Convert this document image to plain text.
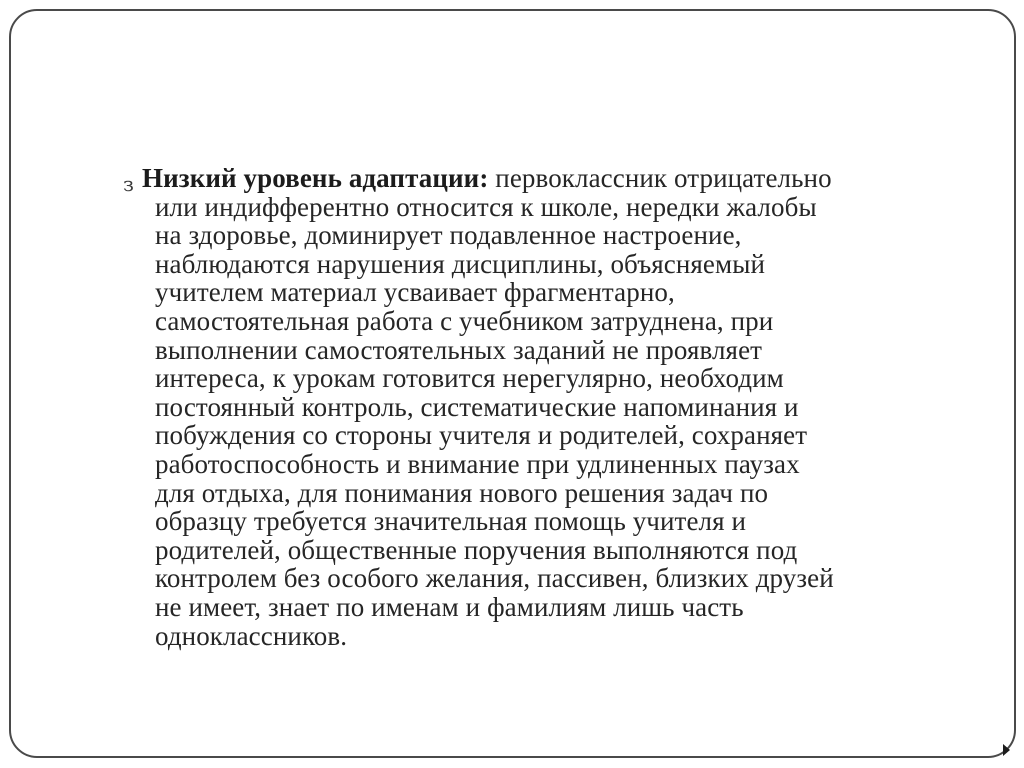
з Низкий уровень адаптации: первоклассник отрицательно
или индифферентно относится к школе, нередки жалобы
на здоровье, доминирует подавленное настроение,
наблюдаются нарушения дисциплины, объясняемый
учителем материал усваивает фрагментарно,
самостоятельная работа с учебником затруднена, при
выполнении самостоятельных заданий не проявляет
интереса, к урокам готовится нерегулярно, необходим
постоянный контроль, систематические напоминания и
побуждения со стороны учителя и родителей, сохраняет
работоспособность и внимание при удлиненных паузах
для отдыха, для понимания нового решения задач по
образцу требуется значительная помощь учителя и
родителей, общественные поручения выполняются под
контролем без особого желания, пассивен, близких друзей
не имеет, знает по именам и фамилиям лишь часть
одноклассников.
